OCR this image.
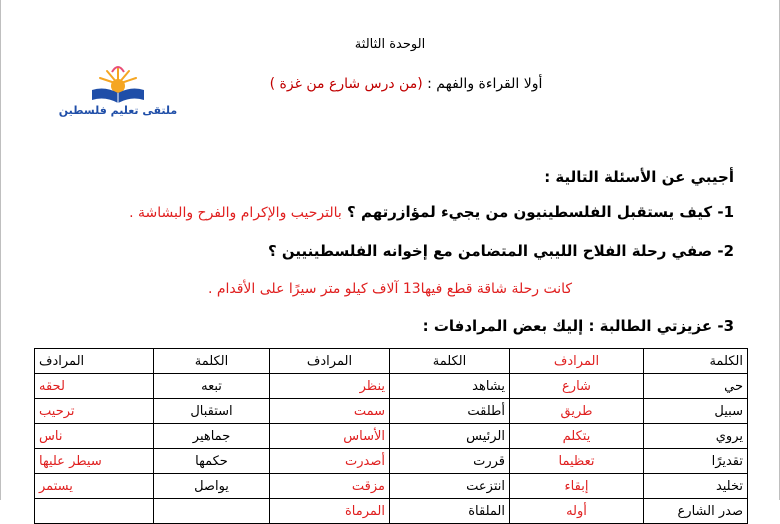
الوحدة الثالثة
أولا القراءة والفهم : (من درس شارع من غزة )
ملتقى تعليم فلسطين
أجيبي عن الأسئلة التالية :
1- كيف يستقبل الفلسطينيون من يجيء لمؤازرتهم ؟ بالترحيب والإكرام والفرح والبشاشة .
2- صفي رحلة الفلاح الليبي المتضامن مع إخوانه الفلسطينيين ؟
كانت رحلة شاقة قطع فيها13 آلاف كيلو متر سيرًا على الأقدام .
3- عزيزتي الطالبة : إليك بعض المرادفات :
الكلمة	المرادف	الكلمة	المرادف	الكلمة	المرادف
حي	شارع	يشاهد	ينظر	تبعه	لحقه
سبيل	طريق	أطلقت	سمت	استقبال	ترحيب
يروي	يتكلم	الرئيس	الأساس	جماهير	ناس
تقديرًا	تعظيما	قررت	أصدرت	حكمها	سيطر عليها
تخليد	إبقاء	انتزعت	مزقت	يواصل	يستمر
صدر الشارع	أوله	الملقاة	المرماة		
